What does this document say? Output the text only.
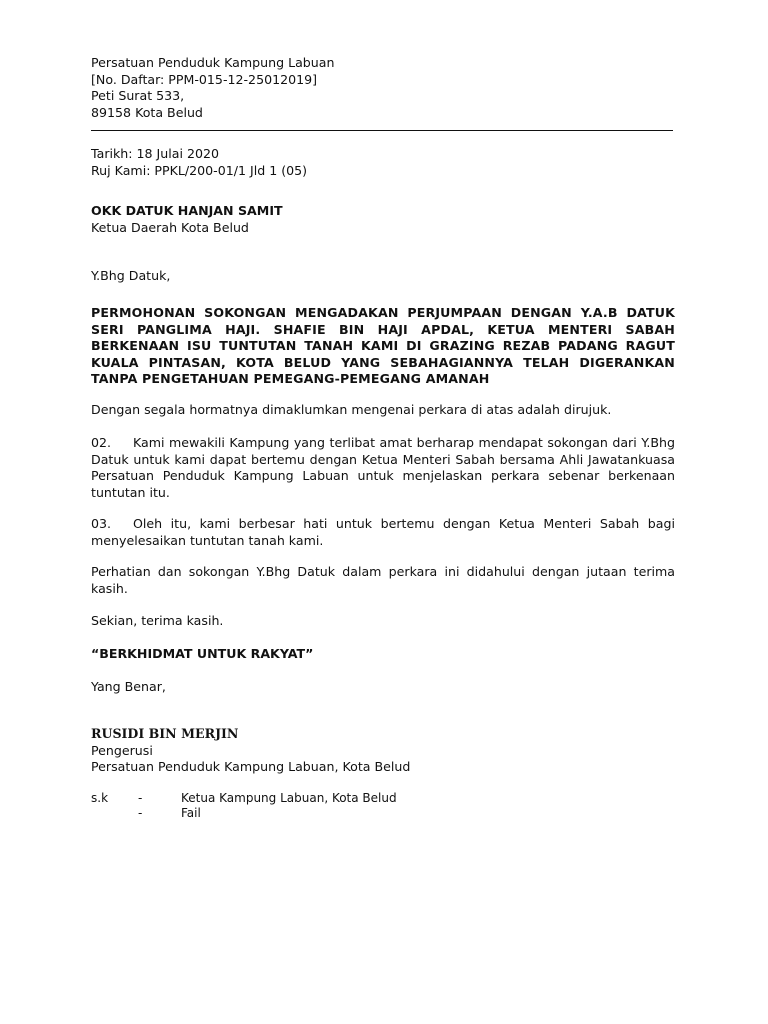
Persatuan Penduduk Kampung Labuan
[No. Daftar: PPM-015-12-25012019]
Peti Surat 533,
89158 Kota Belud
Tarikh: 18 Julai 2020
Ruj Kami: PPKL/200-01/1 Jld 1 (05)
OKK DATUK HANJAN SAMIT
Ketua Daerah Kota Belud
Y.Bhg Datuk,
PERMOHONAN SOKONGAN MENGADAKAN PERJUMPAAN DENGAN Y.A.B DATUK SERI PANGLIMA HAJI. SHAFIE BIN HAJI APDAL, KETUA MENTERI SABAH BERKENAAN ISU TUNTUTAN TANAH KAMI DI GRAZING REZAB PADANG RAGUT KUALA PINTASAN, KOTA BELUD YANG SEBAHAGIANNYA TELAH DIGERANKAN TANPA PENGETAHUAN PEMEGANG-PEMEGANG AMANAH
Dengan segala hormatnya dimaklumkan mengenai perkara di atas adalah dirujuk.
02. Kami mewakili Kampung yang terlibat amat berharap mendapat sokongan dari Y.Bhg Datuk untuk kami dapat bertemu dengan Ketua Menteri Sabah bersama Ahli Jawatankuasa Persatuan Penduduk Kampung Labuan untuk menjelaskan perkara sebenar berkenaan tuntutan itu.
03. Oleh itu, kami berbesar hati untuk bertemu dengan Ketua Menteri Sabah bagi menyelesaikan tuntutan tanah kami.
Perhatian dan sokongan Y.Bhg Datuk dalam perkara ini didahului dengan jutaan terima kasih.
Sekian, terima kasih.
“BERKHIDMAT UNTUK RAKYAT”
Yang Benar,
RUSIDI BIN MERJIN
Pengerusi
Persatuan Penduduk Kampung Labuan, Kota Belud
s.k	-	Ketua Kampung Labuan, Kota Belud
-	Fail
